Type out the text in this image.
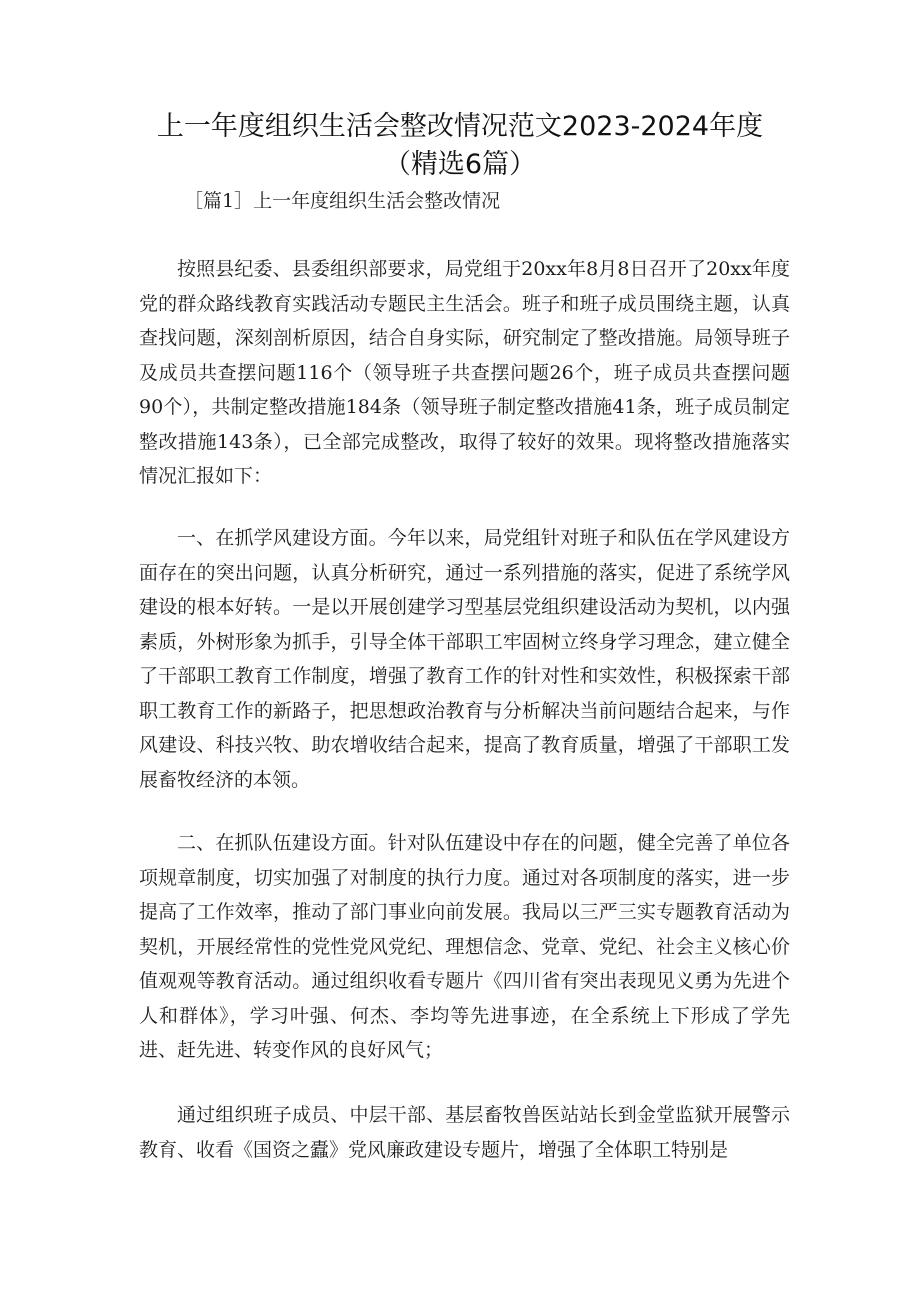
上一年度组织生活会整改情况范文2023-2024年度（精选6篇）
［篇1］上一年度组织生活会整改情况

按照县纪委、县委组织部要求，局党组于20xx年8月8日召开了20xx年度党的群众路线教育实践活动专题民主生活会。班子和班子成员围绕主题，认真查找问题，深刻剖析原因，结合自身实际，研究制定了整改措施。局领导班子及成员共查摆问题116个（领导班子共查摆问题26个，班子成员共查摆问题90个），共制定整改措施184条（领导班子制定整改措施41条，班子成员制定整改措施143条），已全部完成整改，取得了较好的效果。现将整改措施落实情况汇报如下：

一、在抓学风建设方面。今年以来，局党组针对班子和队伍在学风建设方面存在的突出问题，认真分析研究，通过一系列措施的落实，促进了系统学风建设的根本好转。一是以开展创建学习型基层党组织建设活动为契机，以内强素质，外树形象为抓手，引导全体干部职工牢固树立终身学习理念，建立健全了干部职工教育工作制度，增强了教育工作的针对性和实效性，积极探索干部职工教育工作的新路子，把思想政治教育与分析解决当前问题结合起来，与作风建设、科技兴牧、助农增收结合起来，提高了教育质量，增强了干部职工发展畜牧经济的本领。

二、在抓队伍建设方面。针对队伍建设中存在的问题，健全完善了单位各项规章制度，切实加强了对制度的执行力度。通过对各项制度的落实，进一步提高了工作效率，推动了部门事业向前发展。我局以三严三实专题教育活动为契机，开展经常性的党性党风党纪、理想信念、党章、党纪、社会主义核心价值观观等教育活动。通过组织收看专题片《四川省有突出表现见义勇为先进个人和群体》，学习叶强、何杰、李均等先进事迹，在全系统上下形成了学先进、赶先进、转变作风的良好风气；

通过组织班子成员、中层干部、基层畜牧兽医站站长到金堂监狱开展警示教育、收看《国资之蠹》党风廉政建设专题片，增强了全体职工特别是
